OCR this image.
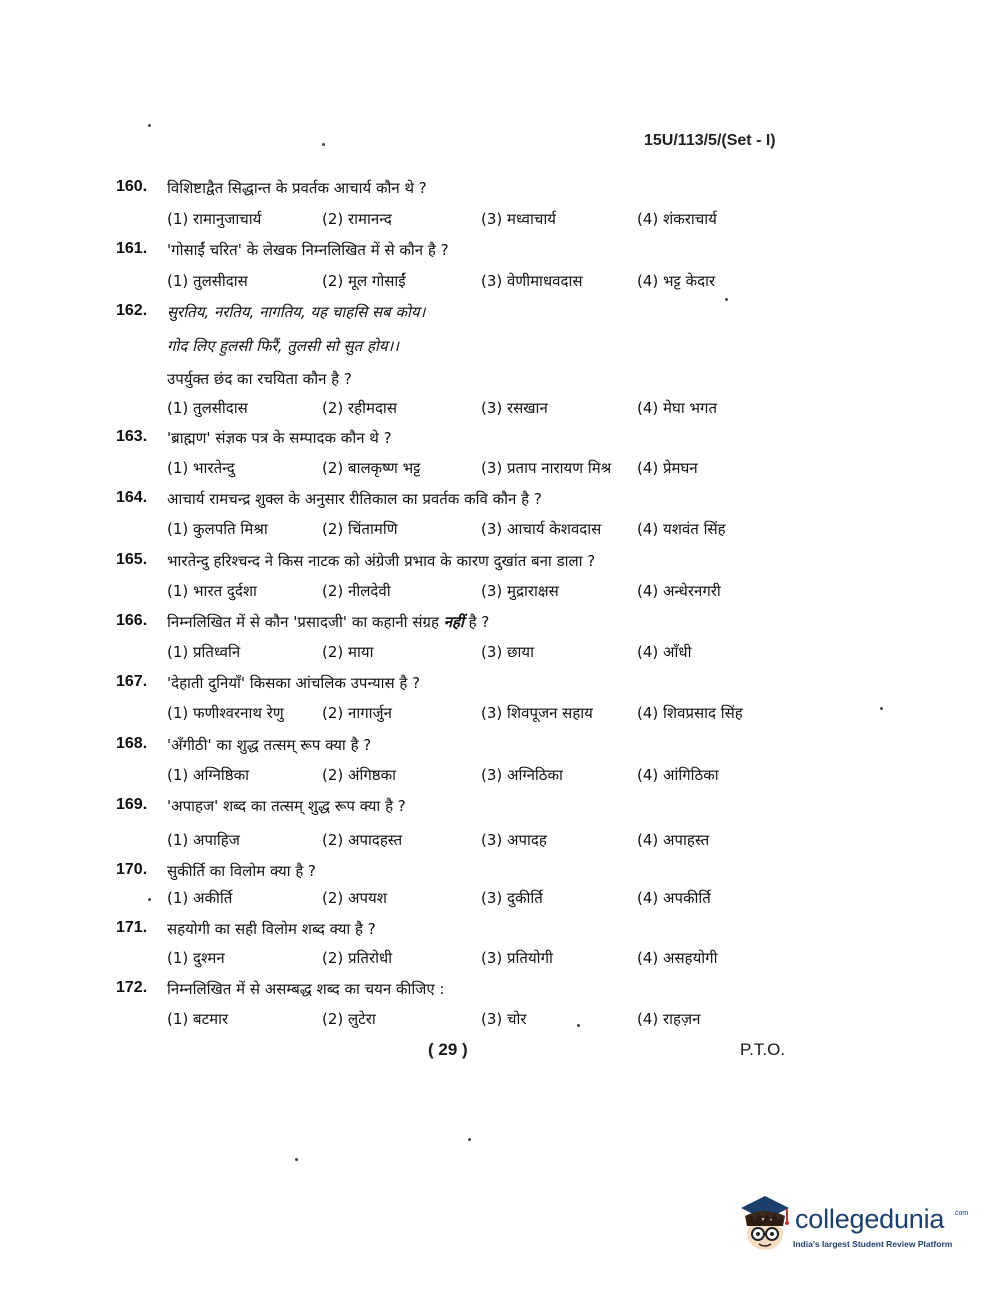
15U/113/5/(Set - I)
160. विशिष्टाद्वैत सिद्धान्त के प्रवर्तक आचार्य कौन थे ?
(1) रामानुजाचार्य	(2) रामानन्द	(3) मध्वाचार्य	(4) शंकराचार्य
161. 'गोसाईं चरित' के लेखक निम्नलिखित में से कौन है ?
(1) तुलसीदास	(2) मूल गोसाईं	(3) वेणीमाधवदास	(4) भट्ट केदार
162. सुरतिय, नरतिय, नागतिय, यह चाहसि सब कोय।
गोद लिए हुलसी फिरैं, तुलसी सो सुत होय।।
उपर्युक्त छंद का रचयिता कौन है ?
(1) तुलसीदास	(2) रहीमदास	(3) रसखान	(4) मेघा भगत
163. 'ब्राह्मण' संज्ञक पत्र के सम्पादक कौन थे ?
(1) भारतेन्दु	(2) बालकृष्ण भट्ट	(3) प्रताप नारायण मिश्र (4) प्रेमघन
164. आचार्य रामचन्द्र शुक्ल के अनुसार रीतिकाल का प्रवर्तक कवि कौन है ?
(1) कुलपति मिश्रा	(2) चिंतामणि	(3) आचार्य केशवदास (4) यशवंत सिंह
165. भारतेन्दु हरिश्चन्द ने किस नाटक को अंग्रेजी प्रभाव के कारण दुखांत बना डाला ?
(1) भारत दुर्दशा	(2) नीलदेवी	(3) मुद्राराक्षस	(4) अन्धेरनगरी
166. निम्नलिखित में से कौन 'प्रसादजी' का कहानी संग्रह नहीं है ?
(1) प्रतिध्वनि	(2) माया	(3) छाया	(4) आँधी
167. 'देहाती दुनियाँ' किसका आंचलिक उपन्यास है ?
(1) फणीश्वरनाथ रेणु	(2) नागार्जुन	(3) शिवपूजन सहाय	(4) शिवप्रसाद सिंह
168. 'अँगीठी' का शुद्ध तत्सम् रूप क्या है ?
(1) अग्निष्ठिका	(2) अंगिष्ठका	(3) अग्निठिका	(4) आंगिठिका
169. 'अपाहज' शब्द का तत्सम् शुद्ध रूप क्या है ?
(1) अपाहिज	(2) अपादहस्त	(3) अपादह	(4) अपाहस्त
170. सुकीर्ति का विलोम क्या है ?
(1) अकीर्ति	(2) अपयश	(3) दुकीर्ति	(4) अपकीर्ति
171. सहयोगी का सही विलोम शब्द क्या है ?
(1) दुश्मन	(2) प्रतिरोधी	(3) प्रतियोगी	(4) असहयोगी
172. निम्नलिखित में से असम्बद्ध शब्द का चयन कीजिए :
(1) बटमार	(2) लुटेरा	(3) चोर	(4) राहज़न
( 29 )	P.T.O.
collegedunia .com
India's largest Student Review Platform
